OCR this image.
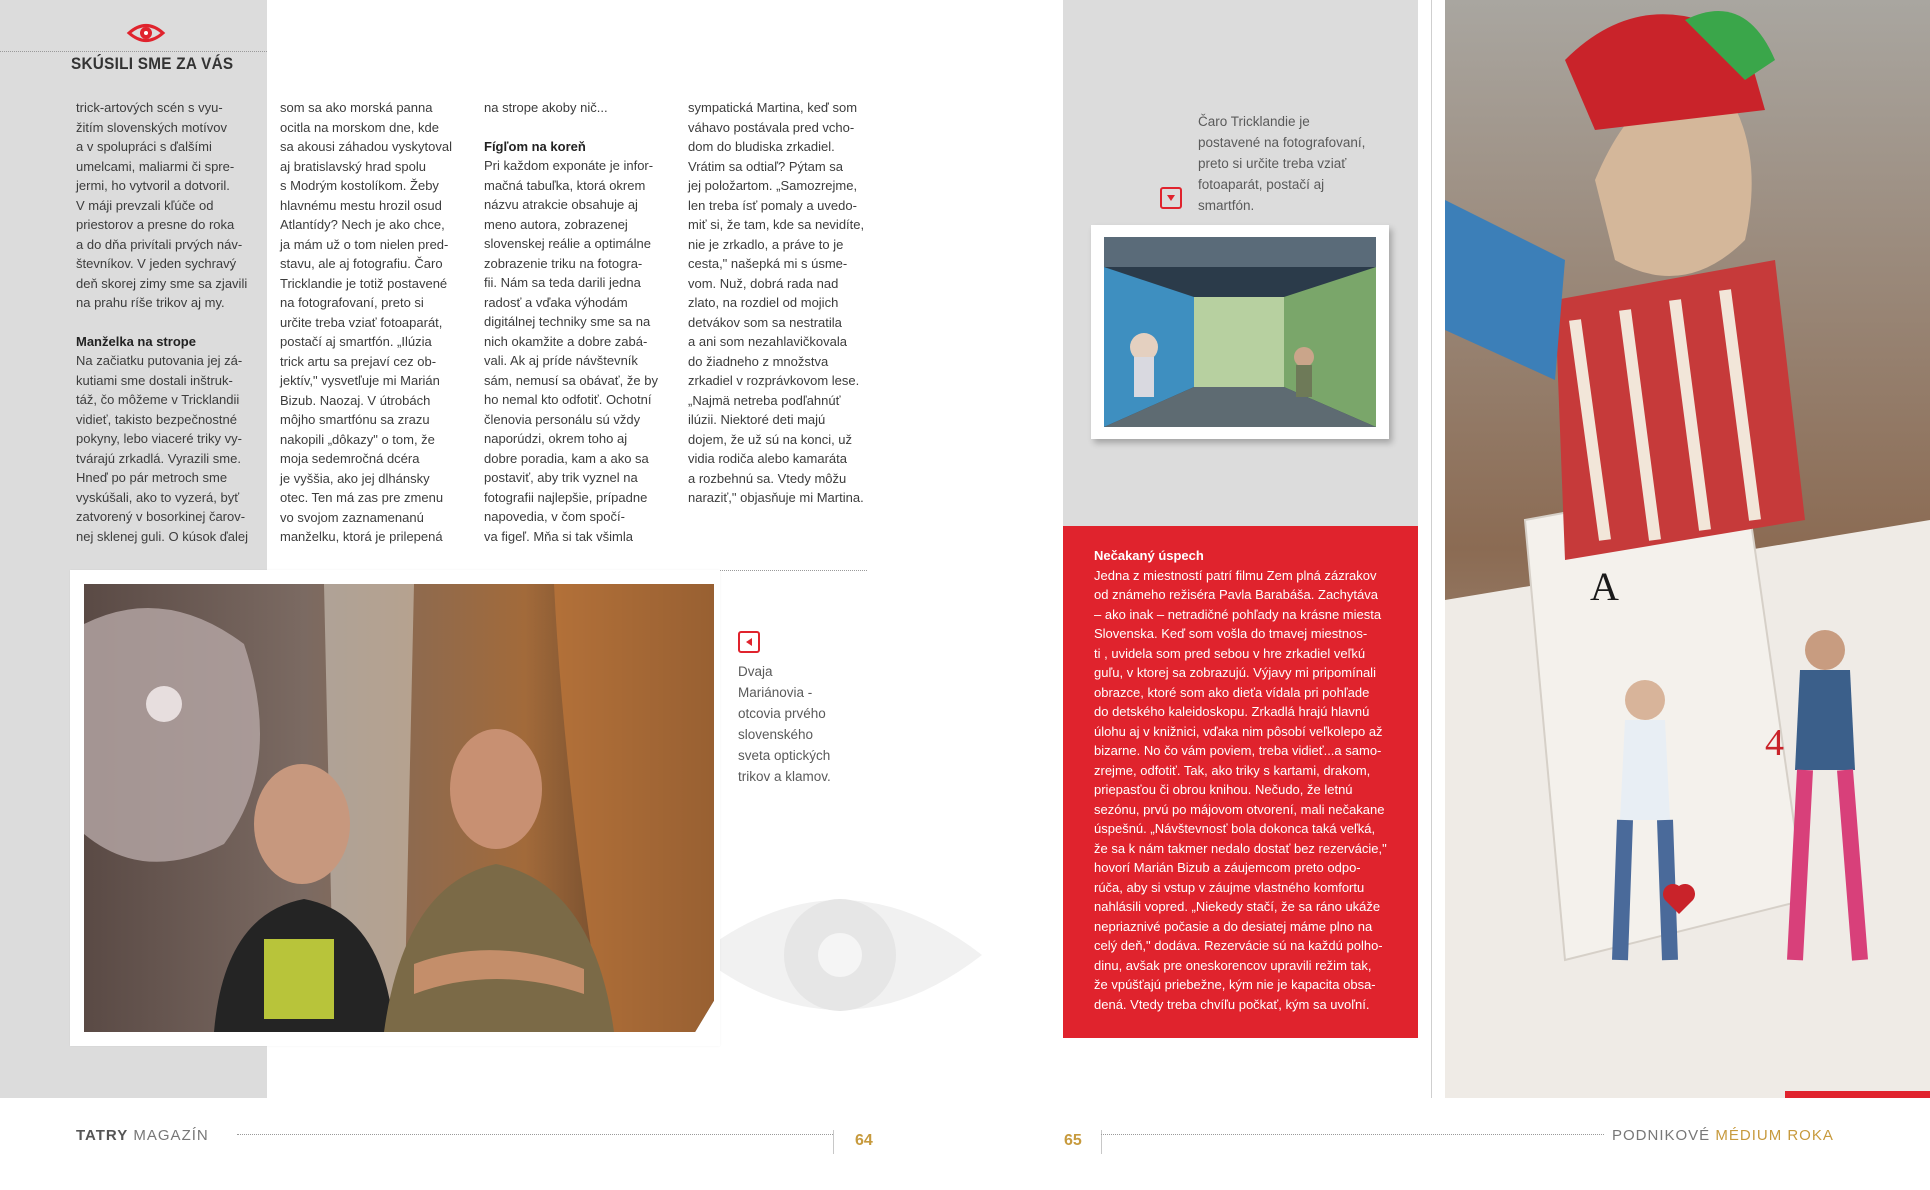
SKÚSILI SME ZA VÁS
trick-artových scén s vyu-
žitím slovenských motívov
a v spolupráci s ďalšími
umelcami, maliarmi či spre-
jermi, ho vytvoril a dotvoril.
V máji prevzali kľúče od
priestorov a presne do roka
a do dňa privítali prvých náv-
števníkov. V jeden sychravý
deň skorej zimy sme sa zjavili
na prahu ríše trikov aj my.
Manželka na strope
Na začiatku putovania jej zá-
kutiami sme dostali inštruk-
táž, čo môžeme v Tricklandii
vidieť, takisto bezpečnostné
pokyny, lebo viaceré triky vy-
tvárajú zrkadlá. Vyrazili sme.
Hneď po pár metroch sme
vyskúšali, ako to vyzerá, byť
zatvorený v bosorkinej čarov-
nej sklenej guli. O kúsok ďalej
som sa ako morská panna
ocitla na morskom dne, kde
sa akousi záhadou vyskytoval
aj bratislavský hrad spolu
s Modrým kostolíkom. Žeby
hlavnému mestu hrozil osud
Atlantídy? Nech je ako chce,
ja mám už o tom nielen pred-
stavu, ale aj fotografiu. Čaro
Tricklandie je totiž postavené
na fotografovaní, preto si
určite treba vziať fotoaparát,
postačí aj smartfón. „Ilúzia
trick artu sa prejaví cez ob-
jektív," vysvetľuje mi Marián
Bizub. Naozaj. V útrobách
môjho smartfónu sa zrazu
nakopili „dôkazy" o tom, že
moja sedemročná dcéra
je vyššia, ako jej dlhánsky
otec. Ten má zas pre zmenu
vo svojom zaznamenanú
manželku, ktorá je prilepená
na strope akoby nič...
Fígľom na koreň
Pri každom exponáte je infor-
mačná tabuľka, ktorá okrem
názvu atrakcie obsahuje aj
meno autora, zobrazenej
slovenskej reálie a optimálne
zobrazenie triku na fotogra-
fii. Nám sa teda darili jedna
radosť a vďaka výhodám
digitálnej techniky sme sa na
nich okamžite a dobre zabá-
vali. Ak aj príde návštevník
sám, nemusí sa obávať, že by
ho nemal kto odfotiť. Ochotní
členovia personálu sú vždy
naporúdzi, okrem toho aj
dobre poradia, kam a ako sa
postaviť, aby trik vyznel na
fotografii najlepšie, prípadne
napovedia, v čom spočí-
va figeľ. Mňa si tak všimla
sympatická Martina, keď som
váhavo postávala pred vcho-
dom do bludiska zrkadiel.
Vrátim sa odtiaľ? Pýtam sa
jej položartom. „Samozrejme,
len treba ísť pomaly a uvedo-
miť si, že tam, kde sa nevidíte,
nie je zrkadlo, a práve to je
cesta," našepká mi s úsme-
vom. Nuž, dobrá rada nad
zlato, na rozdiel od mojich
detvákov som sa nestratila
a ani som nezahlavičkovala
do žiadneho z množstva
zrkadiel v rozprávkovom lese.
„Najmä netreba podľahnúť
ilúzii. Niektoré deti majú
dojem, že už sú na konci, už
vidia rodiča alebo kamaráta
a rozbehnú sa. Vtedy môžu
naraziť," objasňuje mi Martina.
Dvaja
Mariánovia -
otcovia prvého
slovenského
sveta optických
trikov a klamov.
Čaro Tricklandie je
postavené na fotografovaní,
preto si určite treba vziať
fotoaparát, postačí aj
smartfón.
Nečakaný úspech
Jedna z miestností patrí filmu Zem plná zázrakov
od známeho režiséra Pavla Barabáša. Zachytáva
– ako inak – netradičné pohľady na krásne miesta
Slovenska. Keď som vošla do tmavej miestnos-
ti , uvidela som pred sebou v hre zrkadiel veľkú
guľu, v ktorej sa zobrazujú. Výjavy mi pripomínali
obrazce, ktoré som ako dieťa vídala pri pohľade
do detského kaleidoskopu. Zrkadlá hrajú hlavnú
úlohu aj v knižnici, vďaka nim pôsobí veľkolepo až
bizarne. No čo vám poviem, treba vidieť...a samo-
zrejme, odfotiť. Tak, ako triky s kartami, drakom,
priepasťou či obrou knihou. Nečudo, že letnú
sezónu, prvú po májovom otvorení, mali nečakane
úspešnú. „Návštevnosť bola dokonca taká veľká,
že sa k nám takmer nedalo dostať bez rezervácie,"
hovorí Marián Bizub a záujemcom preto odpo-
rúča, aby si vstup v záujme vlastného komfortu
nahlásili vopred. „Niekedy stačí, že sa ráno ukáže
nepriaznivé počasie a do desiatej máme plno na
celý deň," dodáva. Rezervácie sú na každú polho-
dinu, avšak pre oneskorencov upravili režim tak,
že vpúšťajú priebežne, kým nie je kapacita obsa-
dená. Vtedy treba chvíľu počkať, kým sa uvoľní.
A
4
TATRY MAGAZÍN	64	65	PODNIKOVÉ MÉDIUM ROKA
